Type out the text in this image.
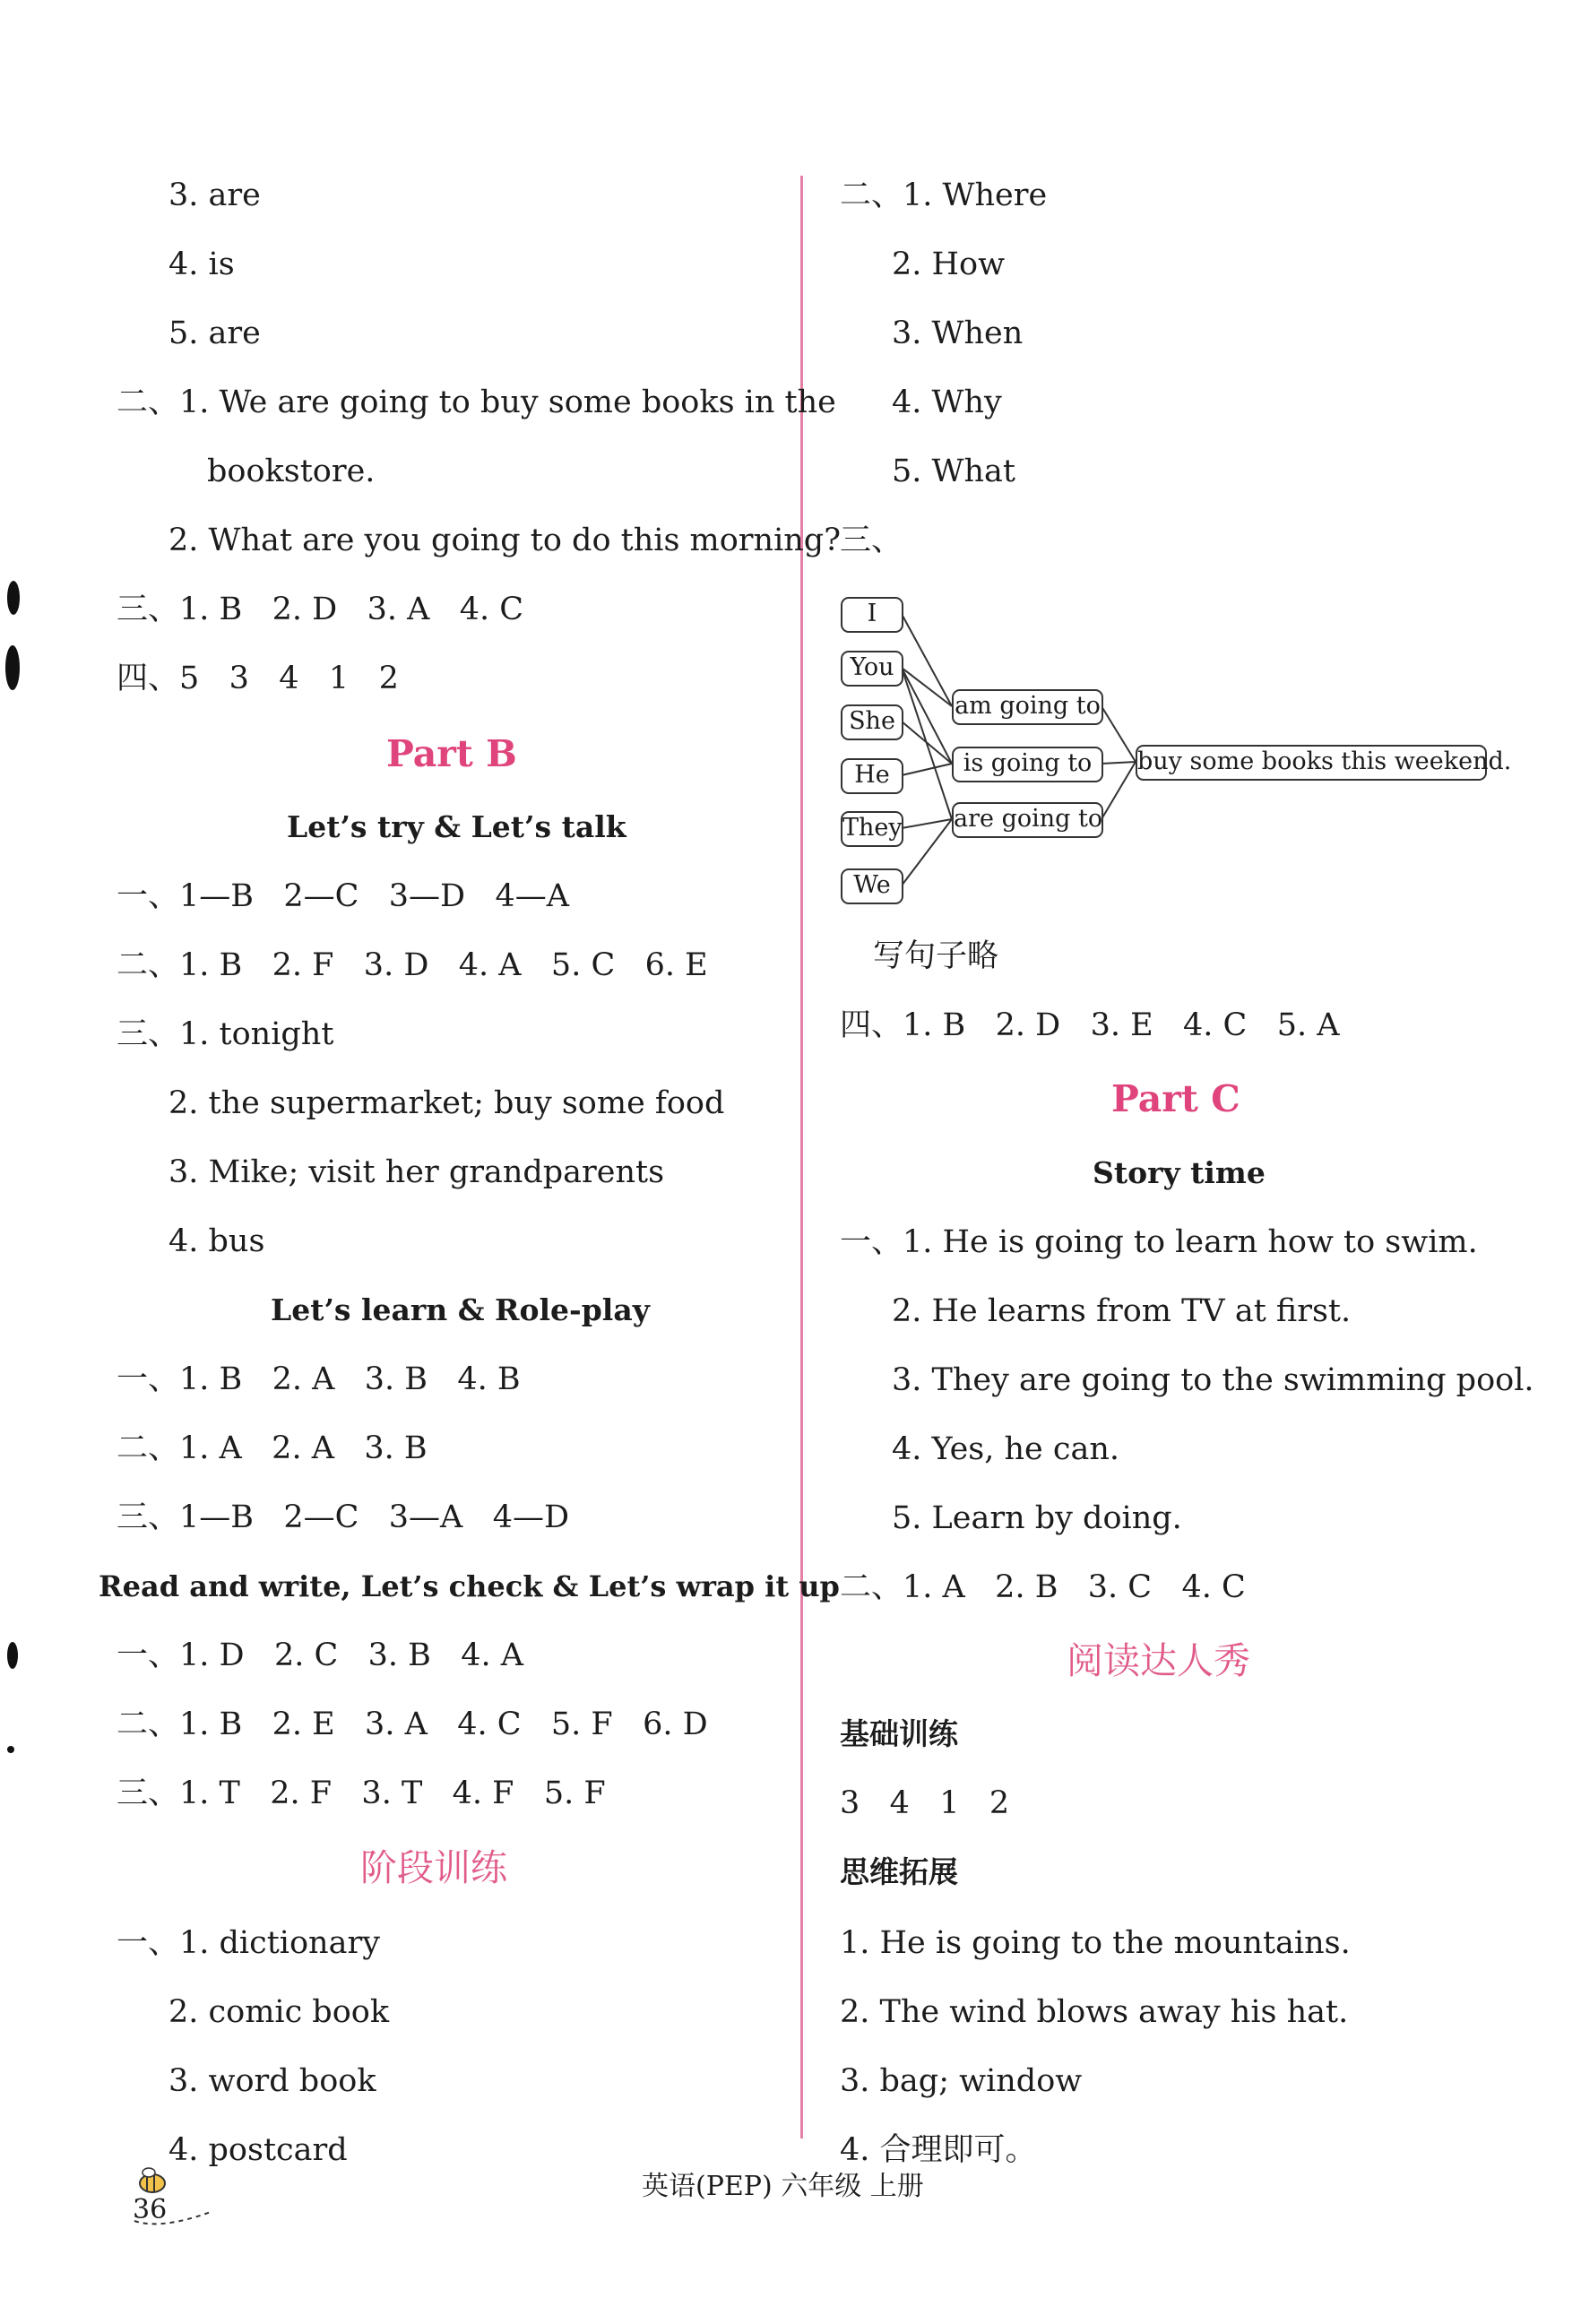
3. are
4. is
5. are
二、1. We are going to buy some books in the
bookstore.
2. What are you going to do this morning?
三、1. B   2. D   3. A   4. C
四、5   3   4   1   2
Part B
Let’s try & Let’s talk
一、1—B   2—C   3—D   4—A
二、1. B   2. F   3. D   4. A   5. C   6. E
三、1. tonight
2. the supermarket; buy some food
3. Mike; visit her grandparents
4. bus
Let’s learn & Role-play
一、1. B   2. A   3. B   4. B
二、1. A   2. A   3. B
三、1—B   2—C   3—A   4—D
Read and write, Let’s check & Let’s wrap it up
一、1. D   2. C   3. B   4. A
二、1. B   2. E   3. A   4. C   5. F   6. D
三、1. T   2. F   3. T   4. F   5. F
阶段训练
一、1. dictionary
2. comic book
3. word book
4. postcard
二、1. Where
2. How
3. When
4. Why
5. What
三、
I
You
She
He
They
We
am going to
is going to
are going to
buy some books this weekend.
写句子略
四、1. B   2. D   3. E   4. C   5. A
Part C
Story time
一、1. He is going to learn how to swim.
2. He learns from TV at first.
3. They are going to the swimming pool.
4. Yes, he can.
5. Learn by doing.
二、1. A   2. B   3. C   4. C
阅读达人秀
基础训练
3   4   1   2
思维拓展
1. He is going to the mountains.
2. The wind blows away his hat.
3. bag; window
4. 合理即可。
36
英语(PEP) 六年级 上册
